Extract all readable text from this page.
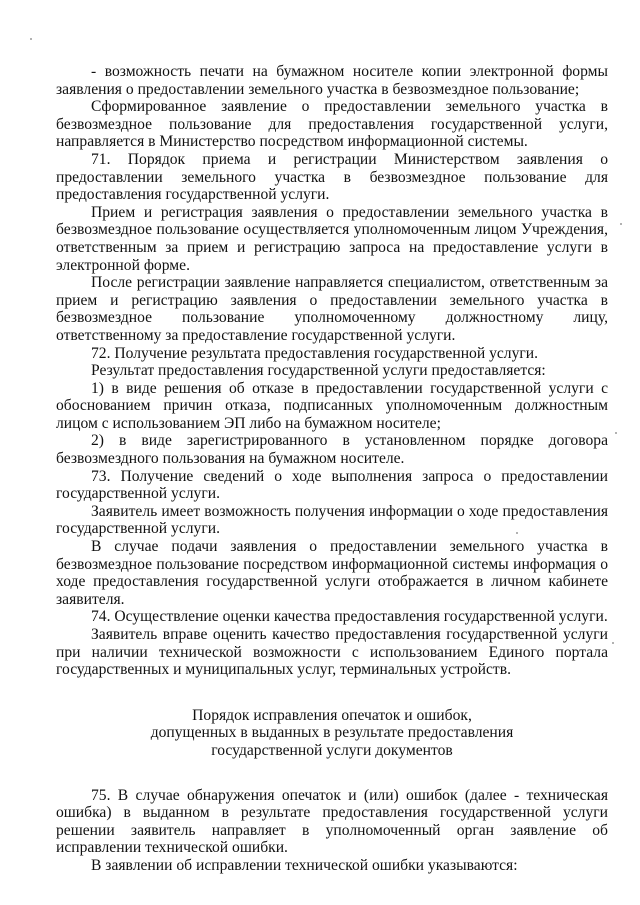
- возможность печати на бумажном носителе копии электронной формы заявления о предоставлении земельного участка в безвозмездное пользование;

Сформированное заявление о предоставлении земельного участка в безвозмездное пользование для предоставления государственной услуги, направляется в Министерство посредством информационной системы.

71. Порядок приема и регистрации Министерством заявления о предоставлении земельного участка в безвозмездное пользование для предоставления государственной услуги.

Прием и регистрация заявления о предоставлении земельного участка в безвозмездное пользование осуществляется уполномоченным лицом Учреждения, ответственным за прием и регистрацию запроса на предоставление услуги в электронной форме.

После регистрации заявление направляется специалистом, ответственным за прием и регистрацию заявления о предоставлении земельного участка в безвозмездное пользование уполномоченному должностному лицу, ответственному за предоставление государственной услуги.

72. Получение результата предоставления государственной услуги.

Результат предоставления государственной услуги предоставляется:

1) в виде решения об отказе в предоставлении государственной услуги с обоснованием причин отказа, подписанных уполномоченным должностным лицом с использованием ЭП либо на бумажном носителе;

2) в виде зарегистрированного в установленном порядке договора безвозмездного пользования на бумажном носителе.

73. Получение сведений о ходе выполнения запроса о предоставлении государственной услуги.

Заявитель имеет возможность получения информации о ходе предоставления государственной услуги.

В случае подачи заявления о предоставлении земельного участка в безвозмездное пользование посредством информационной системы информация о ходе предоставления государственной услуги отображается в личном кабинете заявителя.

74. Осуществление оценки качества предоставления государственной услуги.

Заявитель вправе оценить качество предоставления государственной услуги при наличии технической возможности с использованием Единого портала государственных и муниципальных услуг, терминальных устройств.

Порядок исправления опечаток и ошибок,
допущенных в выданных в результате предоставления
государственной услуги документов

75. В случае обнаружения опечаток и (или) ошибок (далее - техническая ошибка) в выданном в результате предоставления государственной услуги решении заявитель направляет в уполномоченный орган заявление об исправлении технической ошибки.

В заявлении об исправлении технической ошибки указываются:
